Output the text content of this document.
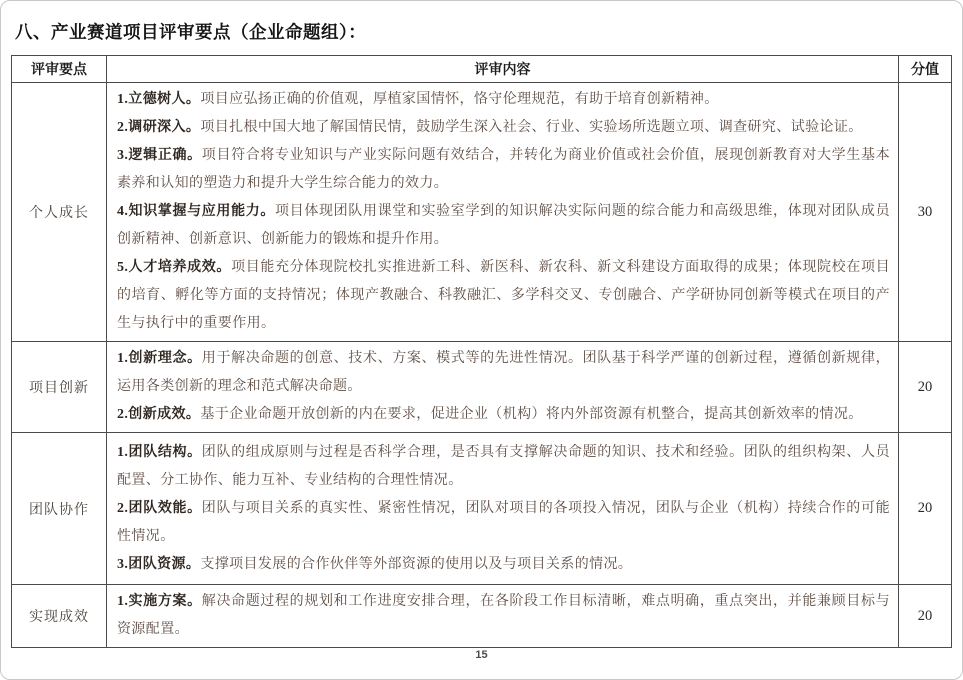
八、产业赛道项目评审要点（企业命题组）：
评审要点	评审内容	分值
个人成长	1.立德树人。项目应弘扬正确的价值观，厚植家国情怀，恪守伦理规范，有助于培育创新精神。

2.调研深入。项目扎根中国大地了解国情民情，鼓励学生深入社会、行业、实验场所选题立项、调查研究、试验论证。

3.逻辑正确。项目符合将专业知识与产业实际问题有效结合，并转化为商业价值或社会价值，展现创新教育对大学生基本素养和认知的塑造力和提升大学生综合能力的效力。

4.知识掌握与应用能力。项目体现团队用课堂和实验室学到的知识解决实际问题的综合能力和高级思维，体现对团队成员创新精神、创新意识、创新能力的锻炼和提升作用。

5.人才培养成效。项目能充分体现院校扎实推进新工科、新医科、新农科、新文科建设方面取得的成果；体现院校在项目的培育、孵化等方面的支持情况；体现产教融合、科教融汇、多学科交叉、专创融合、产学研协同创新等模式在项目的产生与执行中的重要作用。	30
项目创新	1.创新理念。用于解决命题的创意、技术、方案、模式等的先进性情况。团队基于科学严谨的创新过程，遵循创新规律，运用各类创新的理念和范式解决命题。

2.创新成效。基于企业命题开放创新的内在要求，促进企业（机构）将内外部资源有机整合，提高其创新效率的情况。	20
团队协作	1.团队结构。团队的组成原则与过程是否科学合理，是否具有支撑解决命题的知识、技术和经验。团队的组织构架、人员配置、分工协作、能力互补、专业结构的合理性情况。

2.团队效能。团队与项目关系的真实性、紧密性情况，团队对项目的各项投入情况，团队与企业（机构）持续合作的可能性情况。

3.团队资源。支撑项目发展的合作伙伴等外部资源的使用以及与项目关系的情况。	20
实现成效	1.实施方案。解决命题过程的规划和工作进度安排合理，在各阶段工作目标清晰，难点明确，重点突出，并能兼顾目标与资源配置。	20
15
